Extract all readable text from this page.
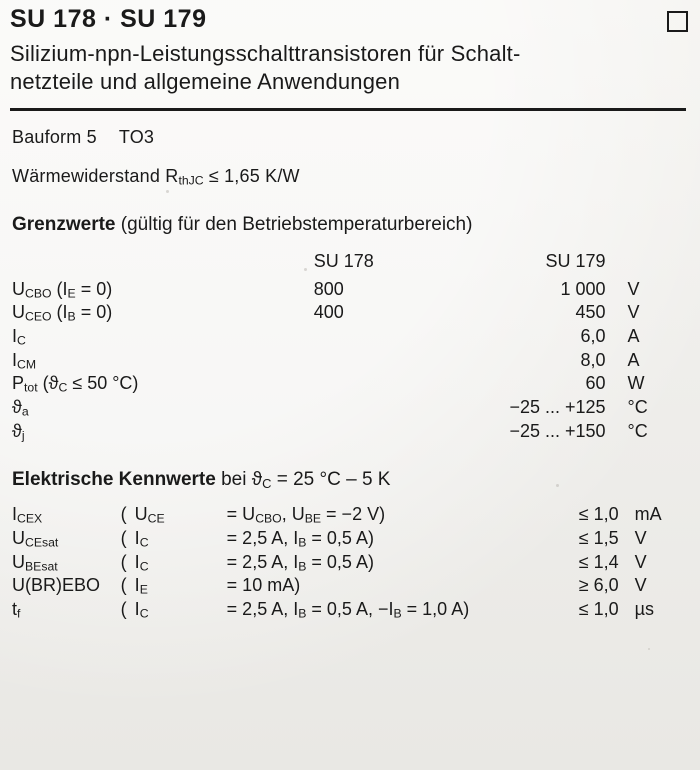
SU 178 · SU 179
Silizium-npn-Leistungsschalttransistoren für Schalt-
netzteile und allgemeine Anwendungen
Bauform 5 TO3
Wärmewiderstand $R_{thJC} \le 1,65$ K/W
Grenzwerte (gültig für den Betriebstemperaturbereich)
	SU 178	SU 179	
$U_{CBO}$ $(I_E = 0)$	800	1 000	V
$U_{CEO}$ $(I_B = 0)$	400	450	V
$I_C$		6,0	A
$I_{CM}$		8,0	A
$P_{tot}$ ($ϑ_C \le 50$ °C)		60	W
$ϑ_a$		−25 ... +125	°C
$ϑ_j$		−25 ... +150	°C
Elektrische Kennwerte bei $ϑ_C = 25$ °C – 5 K
$I_{CEX}$	( $U_{CE} = U_{CBO}$, $U_{BE} = -2$ V)	≤ 1,0	mA
$U_{CEsat}$	( $I_C = 2,5$ A, $I_B = 0,5$ A)	≤ 1,5	V
$U_{BEsat}$	( $I_C = 2,5$ A, $I_B = 0,5$ A)	≤ 1,4	V
U(BR)EBO	( $I_E = 10$ mA)	≥ 6,0	V
$t_f$	( $I_C = 2,5$ A, $I_B = 0,5$ A, $-I_B = 1,0$ A)	≤ 1,0	µs
